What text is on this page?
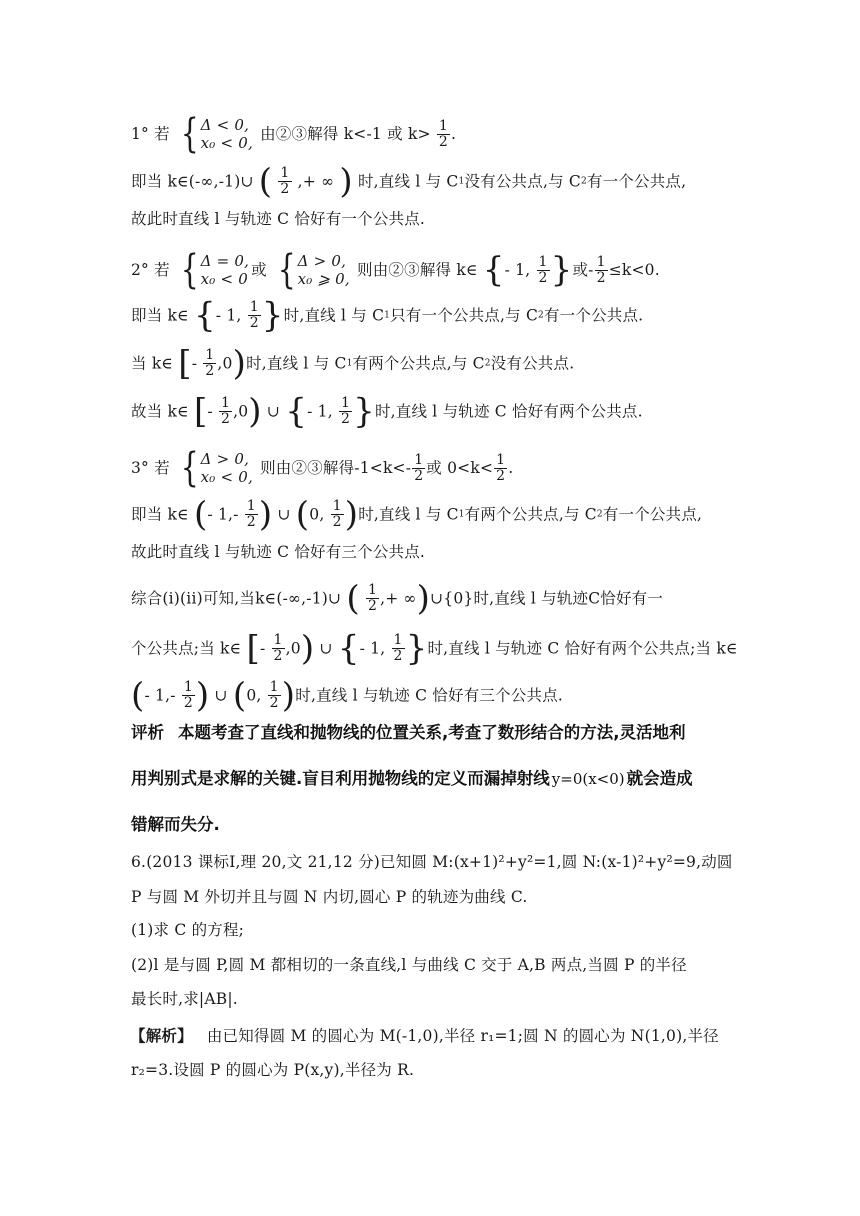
1° 若 { Δ < 0,
x₀ < 0, 由②③解得 k<-1 或 $k> \frac{1}{2}$ .
即当 k∈(-∞,-1)∪ ( $\frac{1}{2}$ ,+ ∞ ) 时,直线 l 与 C1没有公共点,与 C2有一个公共点,
故此时直线 l 与轨迹 C 恰好有一个公共点.
2° 若 { Δ = 0,
x₀ < 0 或 { Δ > 0,
x₀ ⩾ 0, 则由②③解得 k∈ {- 1, $\frac{1}{2}$ }或- $\frac{1}{2} \le k<0$.
即当 k∈ {- 1, $\frac{1}{2}$ }时,直线 l 与 C1只有一个公共点,与 C2有一个公共点.
当 k∈ [- $\frac{1}{2} ,0$)时,直线 l 与 C1有两个公共点,与 C2没有公共点.
故当 k∈ [- $\frac{1}{2} ,0$) ∪ {- 1, $\frac{1}{2}$ }时,直线 l 与轨迹 C 恰好有两个公共点.
3° 若 { Δ > 0,
x₀ < 0, 则由②③解得$-1<k<- \frac{1}{2}$ 或 $0<k< \frac{1}{2}$ .
即当 k∈ (- $1,- \frac{1}{2}$ ) ∪ (0, $\frac{1}{2}$ )时,直线 l 与 C1有两个公共点,与 C2有一个公共点,
故此时直线 l 与轨迹 C 恰好有三个公共点.
综合(i)(ii)可知,当k∈(-∞,-1)∪ ( $\frac{1}{2}$ ,+ ∞)∪{0}时,直线 l 与轨迹C恰好有一
个公共点;当 k∈ [- $\frac{1}{2} ,0$) ∪ {- 1, $\frac{1}{2}$ }时,直线 l 与轨迹 C 恰好有两个公共点;当 k∈
(- $1,- \frac{1}{2}$ ) ∪ (0, $\frac{1}{2}$ )时,直线 l 与轨迹 C 恰好有三个公共点.
评析 本题考查了直线和抛物线的位置关系,考查了数形结合的方法,灵活地利
用判别式是求解的关键.盲目利用抛物线的定义而漏掉射线 y=0(x<0) 就会造成
错解而失分.
6.(2013 课标Ⅰ,理 20,文 21,12 分)已知圆 M:(x+1)²+y²=1,圆 N:(x-1)²+y²=9,动圆
P 与圆 M 外切并且与圆 N 内切,圆心 P 的轨迹为曲线 C.
(1)求 C 的方程;
(2)l 是与圆 P,圆 M 都相切的一条直线,l 与曲线 C 交于 A,B 两点,当圆 P 的半径
最长时,求|AB|.
【解析】 由已知得圆 M 的圆心为 M(-1,0),半径 r₁=1;圆 N 的圆心为 N(1,0),半径
r₂=3.设圆 P 的圆心为 P(x,y),半径为 R.
